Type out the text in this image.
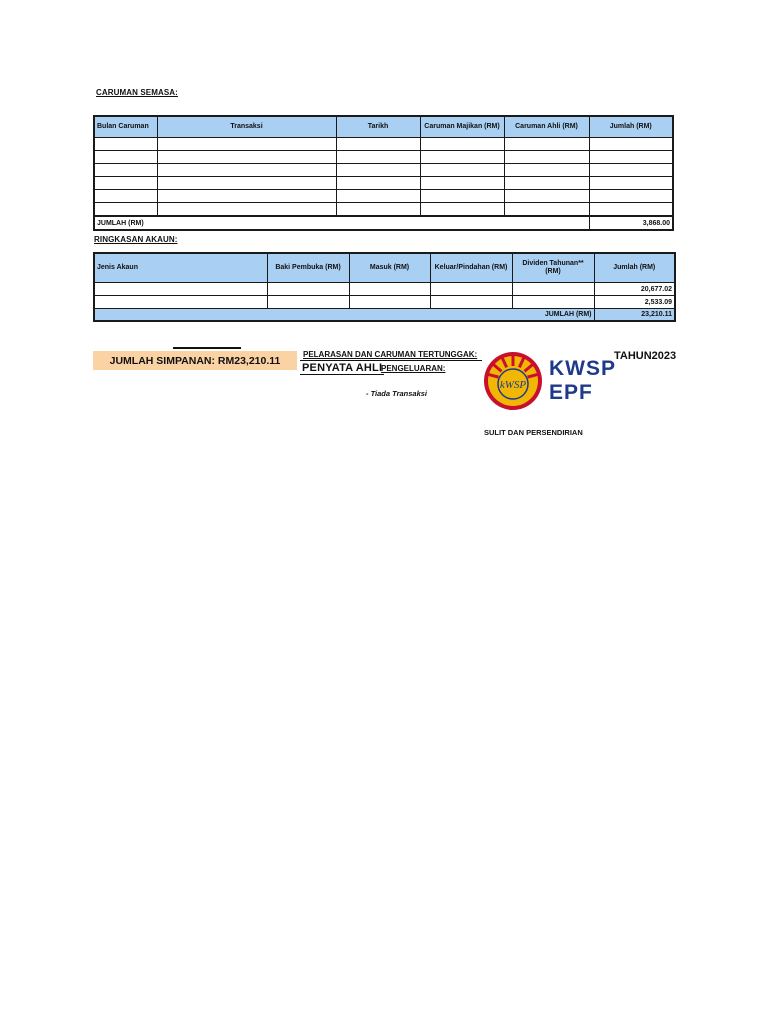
CARUMAN SEMASA:
Bulan Caruman	Transaksi	Tarikh	Caruman Majikan (RM)	Caruman Ahli (RM)	Jumlah (RM)

JUMLAH (RM)					3,868.00
RINGKASAN AKAUN:
Jenis Akaun	Baki Pembuka (RM)	Masuk (RM)	Keluar/Pindahan (RM)	Dividen Tahunan** (RM)	Jumlah (RM)
					20,677.02
					2,533.09
JUMLAH (RM)					23,210.11
JUMLAH SIMPANAN: RM23,210.11	PELARASAN DAN CARUMAN TERTUNGGAK:
PENYATA AHLI
PENGELUARAN:
- Tiada Transaksi
kWSP
KWSP
EPF
TAHUN2023
SULIT DAN PERSENDIRIAN
